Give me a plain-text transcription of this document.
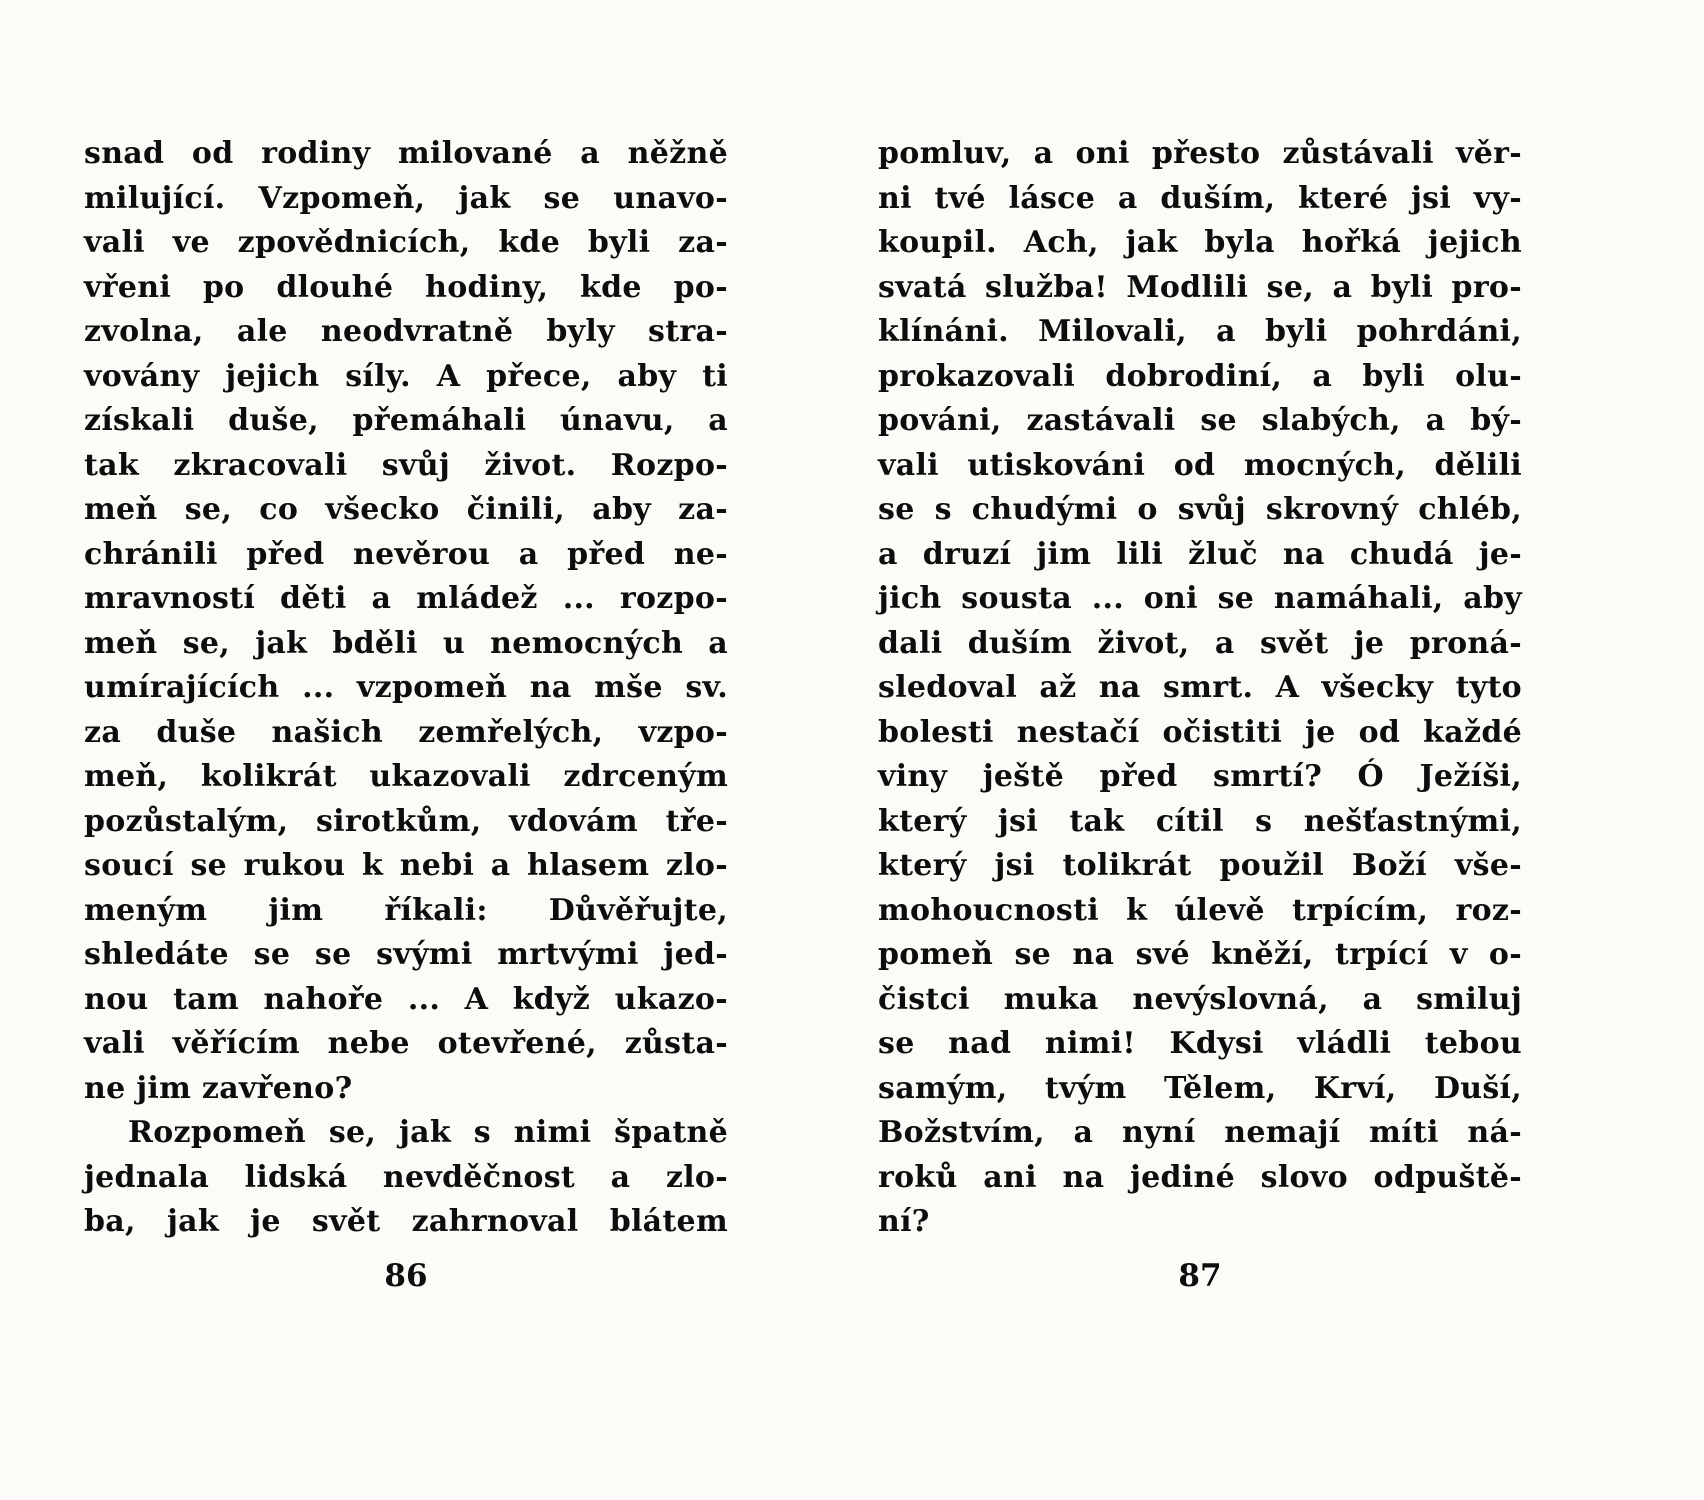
snad od rodiny milované a něžně
milující. Vzpomeň, jak se unavo-
vali ve zpovědnicích, kde byli za-
vřeni po dlouhé hodiny, kde po-
zvolna, ale neodvratně byly stra-
vovány jejich síly. A přece, aby ti
získali duše, přemáhali únavu, a
tak zkracovali svůj život. Rozpo-
meň se, co všecko činili, aby za-
chránili před nevěrou a před ne-
mravností děti a mládež ... rozpo-
meň se, jak bděli u nemocných a
umírajících ... vzpomeň na mše sv.
za duše našich zemřelých, vzpo-
meň, kolikrát ukazovali zdrceným
pozůstalým, sirotkům, vdovám tře-
soucí se rukou k nebi a hlasem zlo-
meným jim říkali: Důvěřujte,
shledáte se se svými mrtvými jed-
nou tam nahoře ... A když ukazo-
vali věřícím nebe otevřené, zůsta-
ne jim zavřeno?
Rozpomeň se, jak s nimi špatně
jednala lidská nevděčnost a zlo-
ba, jak je svět zahrnoval blátem
pomluv, a oni přesto zůstávali věr-
ni tvé lásce a duším, které jsi vy-
koupil. Ach, jak byla hořká jejich
svatá služba! Modlili se, a byli pro-
klínáni. Milovali, a byli pohrdáni,
prokazovali dobrodiní, a byli olu-
pováni, zastávali se slabých, a bý-
vali utiskováni od mocných, dělili
se s chudými o svůj skrovný chléb,
a druzí jim lili žluč na chudá je-
jich sousta ... oni se namáhali, aby
dali duším život, a svět je proná-
sledoval až na smrt. A všecky tyto
bolesti nestačí očistiti je od každé
viny ještě před smrtí? Ó Ježíši,
který jsi tak cítil s nešťastnými,
který jsi tolikrát použil Boží vše-
mohoucnosti k úlevě trpícím, roz-
pomeň se na své kněží, trpící v o-
čistci muka nevýslovná, a smiluj
se nad nimi! Kdysi vládli tebou
samým, tvým Tělem, Krví, Duší,
Božstvím, a nyní nemají míti ná-
roků ani na jediné slovo odpuště-
ní?
86	87
